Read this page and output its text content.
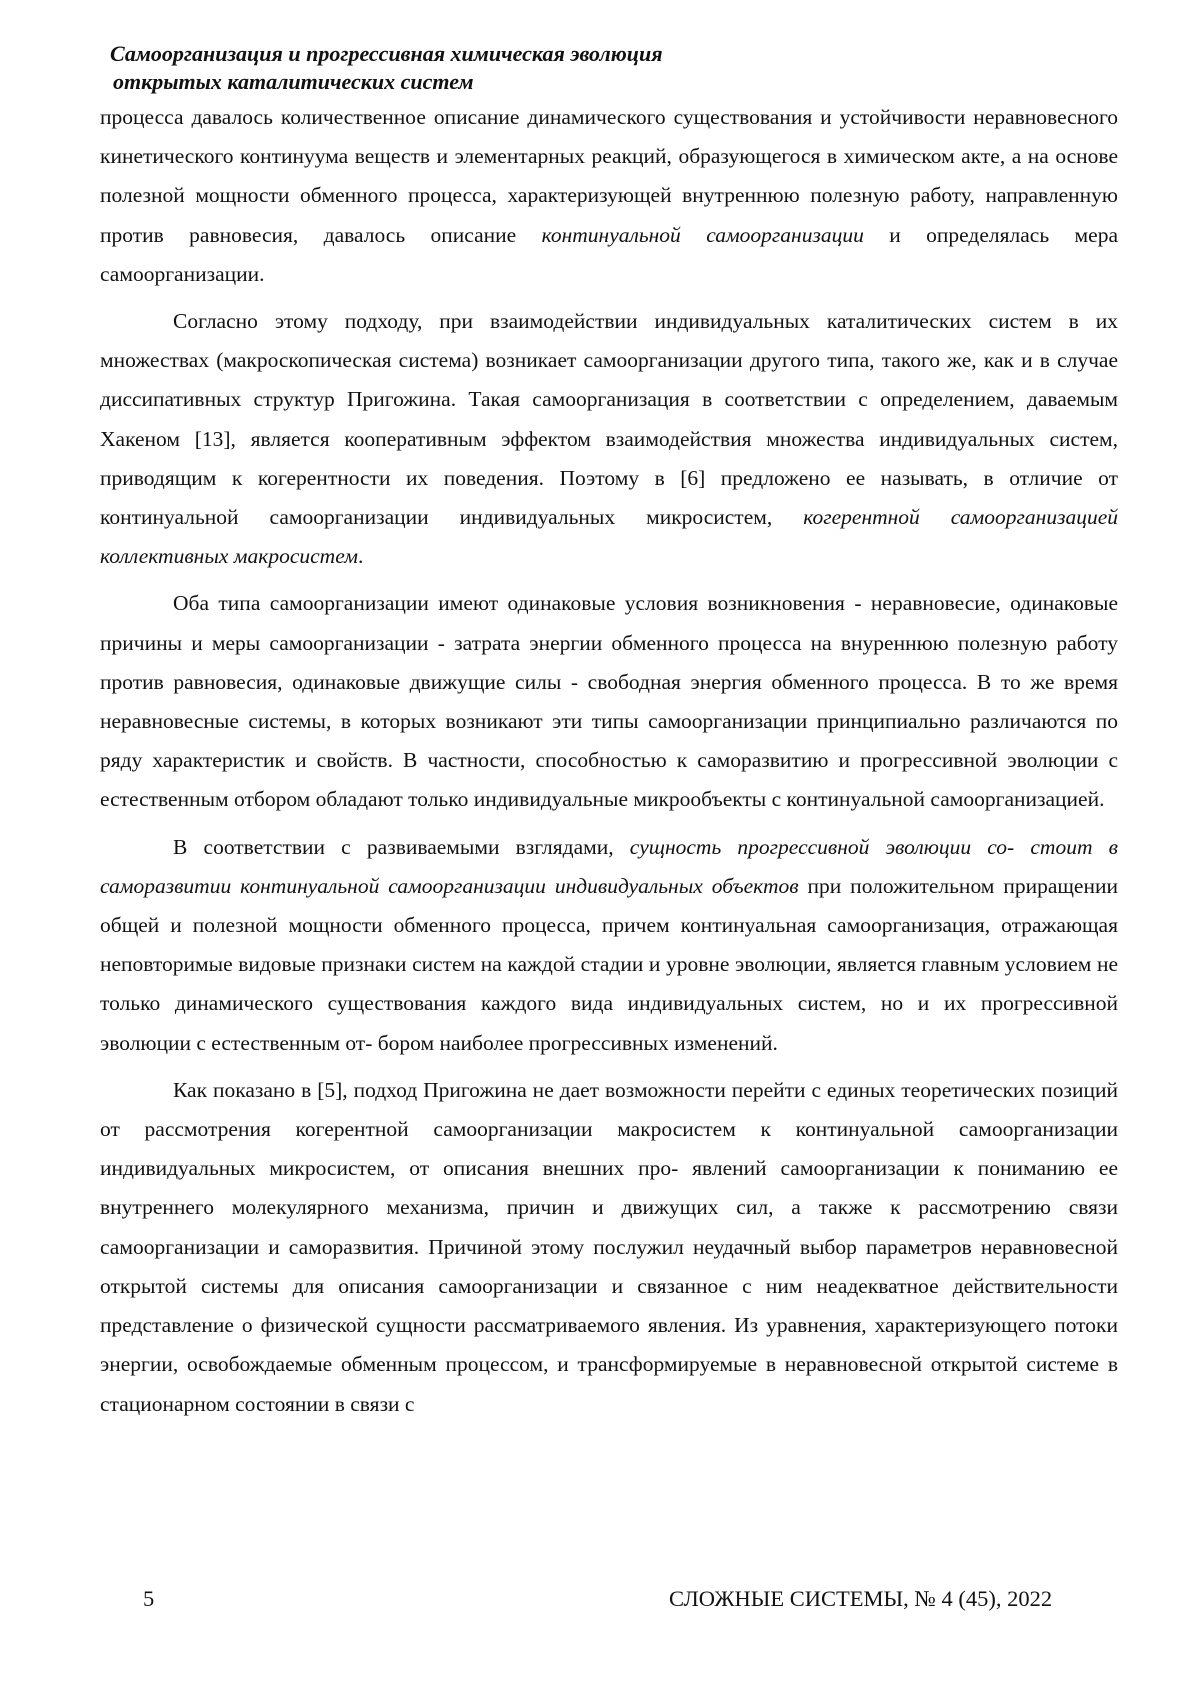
Самоорганизация и прогрессивная химическая эволюция
открытых каталитических систем

процесса давалось количественное описание динамического существования и устойчивости неравновесного кинетического континуума веществ и элементарных реакций, образующегося в химическом акте, а на основе полезной мощности обменного процесса, характеризующей внутреннюю полезную работу, направленную против равновесия, давалось описание континуальной самоорганизации и определялась мера самоорганизации.

Согласно этому подходу, при взаимодействии индивидуальных каталитических систем в их множествах (макроскопическая система) возникает самоорганизации другого типа, такого же, как и в случае диссипативных структур Пригожина. Такая самоорганизация в соответствии с определением, даваемым Хакеном [13], является кооперативным эффектом взаимодействия множества индивидуальных систем, приводящим к когерентности их поведения. Поэтому в [6] предложено ее называть, в отличие от континуальной самоорганизации индивидуальных микросистем, когерентной самоорганизацией коллективных макросистем.

Оба типа самоорганизации имеют одинаковые условия возникновения - неравновесие, одинаковые причины и меры самоорганизации - затрата энергии обменного процесса на внуреннюю полезную работу против равновесия, одинаковые движущие силы - свободная энергия обменного процесса. В то же время неравновесные системы, в которых возникают эти типы самоорганизации принципиально различаются по ряду характеристик и свойств. В частности, способностью к саморазвитию и прогрессивной эволюции с естественным отбором обладают только индивидуальные микрообъекты с континуальной самоорганизацией.

В соответствии с развиваемыми взглядами, сущность прогрессивной эволюции со- стоит в саморазвитии континуальной самоорганизации индивидуальных объектов при положительном приращении общей и полезной мощности обменного процесса, причем континуальная самоорганизация, отражающая неповторимые видовые признаки систем на каждой стадии и уровне эволюции, является главным условием не только динамического существования каждого вида индивидуальных систем, но и их прогрессивной эволюции с естественным от- бором наиболее прогрессивных изменений.

Как показано в [5], подход Пригожина не дает возможности перейти с единых теоретических позиций от рассмотрения когерентной самоорганизации макросистем к континуальной самоорганизации индивидуальных микросистем, от описания внешних про- явлений самоорганизации к пониманию ее внутреннего молекулярного механизма, причин и движущих сил, а также к рассмотрению связи самоорганизации и саморазвития. Причиной этому послужил неудачный выбор параметров неравновесной открытой системы для описания самоорганизации и связанное с ним неадекватное действительности представление о физической сущности рассматриваемого явления. Из уравнения, характеризующего потоки энергии, освобождаемые обменным процессом, и трансформируемые в неравновесной открытой системе в стационарном состоянии в связи с

5	СЛОЖНЫЕ СИСТЕМЫ, № 4 (45), 2022
